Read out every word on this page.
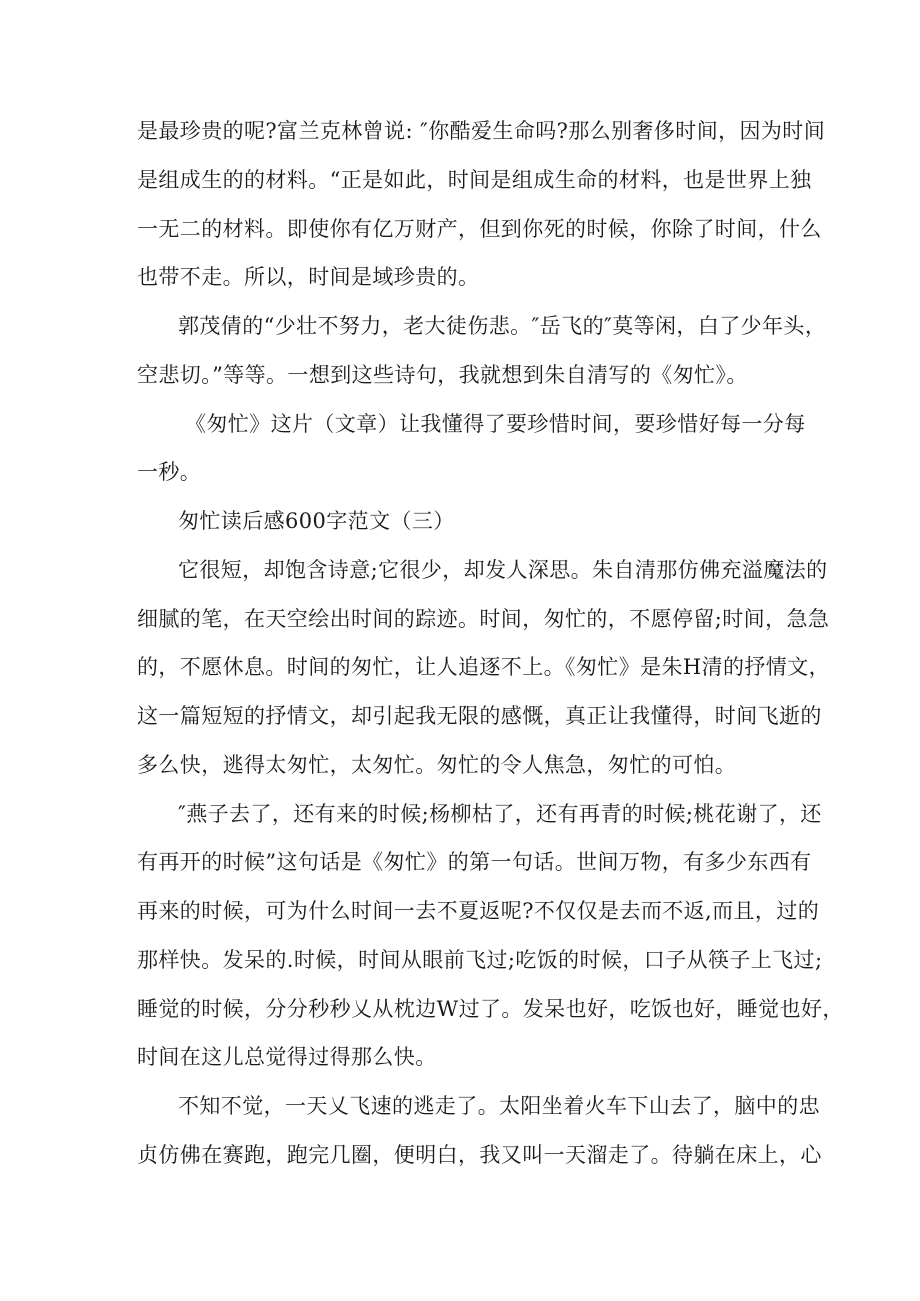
是最珍贵的呢?富兰克林曾说: ″你酷爱生命吗?那么别奢侈时间，因为时间
是组成生的的材料。“正是如此，时间是组成生命的材料，也是世界上独
一无二的材料。即使你有亿万财产，但到你死的时候，你除了时间，什么
也带不走。所以，时间是域珍贵的。
郭茂倩的“少壮不努力，老大徒伤悲。″岳飞的″莫等闲，白了少年头，
空悲切。”等等。一想到这些诗句，我就想到朱自清写的《匆忙》。
《匆忙》这片（文章）让我懂得了要珍惜时间，要珍惜好每一分每
一秒。
匆忙读后感600字范文（三）
它很短，却饱含诗意;它很少，却发人深思。朱自清那仿佛充溢魔法的
细腻的笔，在天空绘出时间的踪迹。时间，匆忙的，不愿停留;时间，急急
的，不愿休息。时间的匆忙，让人追逐不上。《匆忙》是朱H清的抒情文，
这一篇短短的抒情文，却引起我无限的感慨，真正让我懂得，时间飞逝的
多么快，逃得太匆忙，太匆忙。匆忙的令人焦急，匆忙的可怕。
″燕子去了，还有来的时候;杨柳枯了，还有再青的时候;桃花谢了，还
有再开的时候”这句话是《匆忙》的第一句话。世间万物，有多少东西有
再来的时候，可为什么时间一去不夏返呢?不仅仅是去而不返,而且，过的
那样快。发呆的.时候，时间从眼前飞过;吃饭的时候，口子从筷子上飞过;
睡觉的时候，分分秒秒乂从枕边W过了。发呆也好，吃饭也好，睡觉也好，
时间在这儿总觉得过得那么快。
不知不觉，一天乂飞速的逃走了。太阳坐着火车下山去了，脑中的忠
贞仿佛在赛跑，跑完几圈，便明白，我又叫一天溜走了。待躺在床上，心
